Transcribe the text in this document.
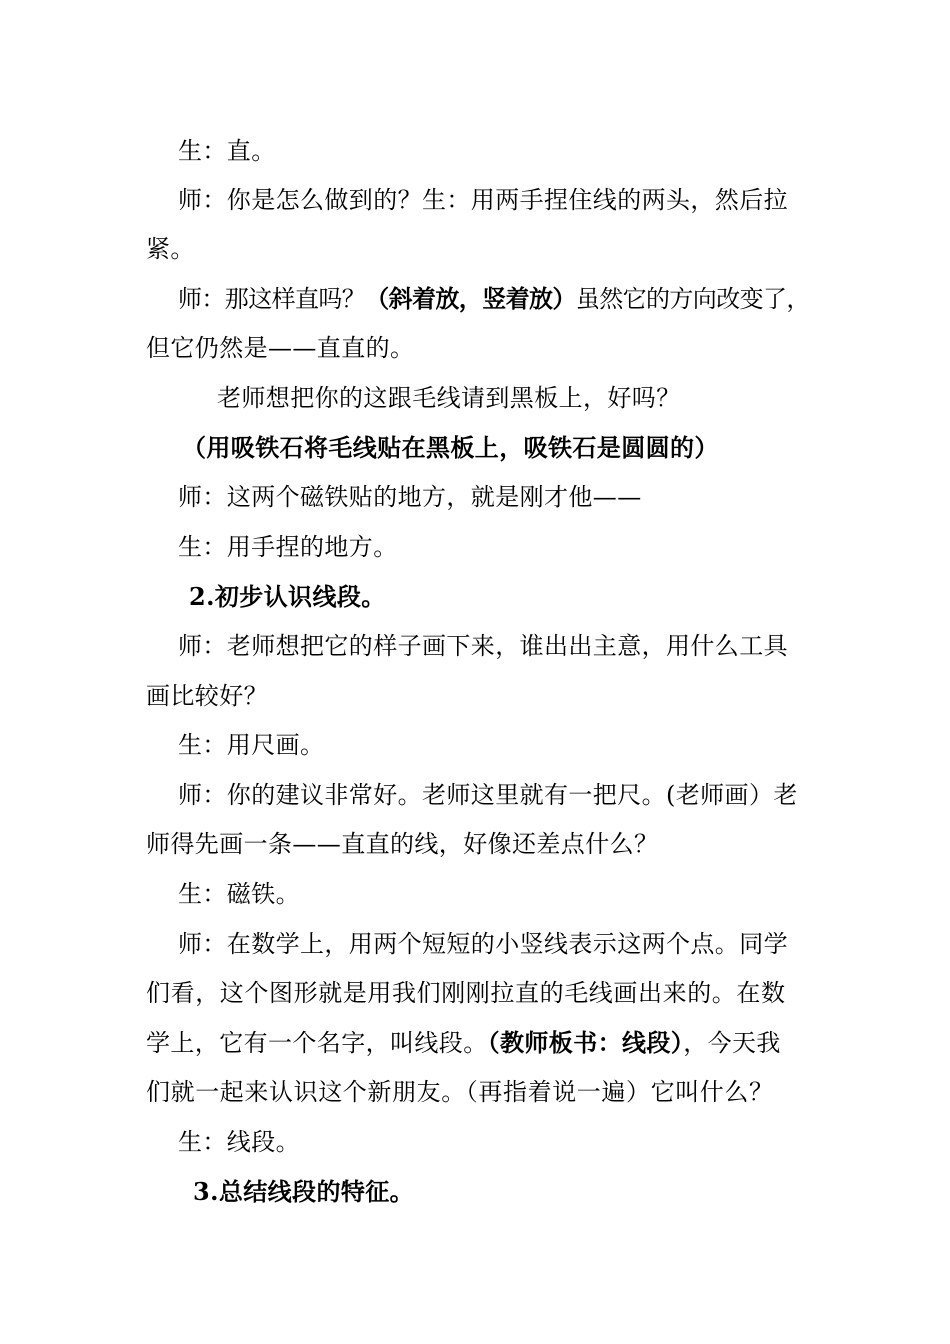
生：直。
师：你是怎么做到的？生：用两手捏住线的两头，然后拉
紧。
师：那这样直吗？（斜着放，竖着放）虽然它的方向改变了，
但它仍然是——直直的。
老师想把你的这跟毛线请到黑板上，好吗？
（用吸铁石将毛线贴在黑板上，吸铁石是圆圆的）
师：这两个磁铁贴的地方，就是刚才他——
生：用手捏的地方。
2.初步认识线段。
师：老师想把它的样子画下来，谁出出主意，用什么工具
画比较好？
生：用尺画。
师：你的建议非常好。老师这里就有一把尺。(老师画）老
师得先画一条——直直的线，好像还差点什么？
生：磁铁。
师：在数学上，用两个短短的小竖线表示这两个点。同学
们看，这个图形就是用我们刚刚拉直的毛线画出来的。在数
学上，它有一个名字，叫线段。（教师板书：线段），今天我
们就一起来认识这个新朋友。（再指着说一遍）它叫什么？
生：线段。
3.总结线段的特征。
